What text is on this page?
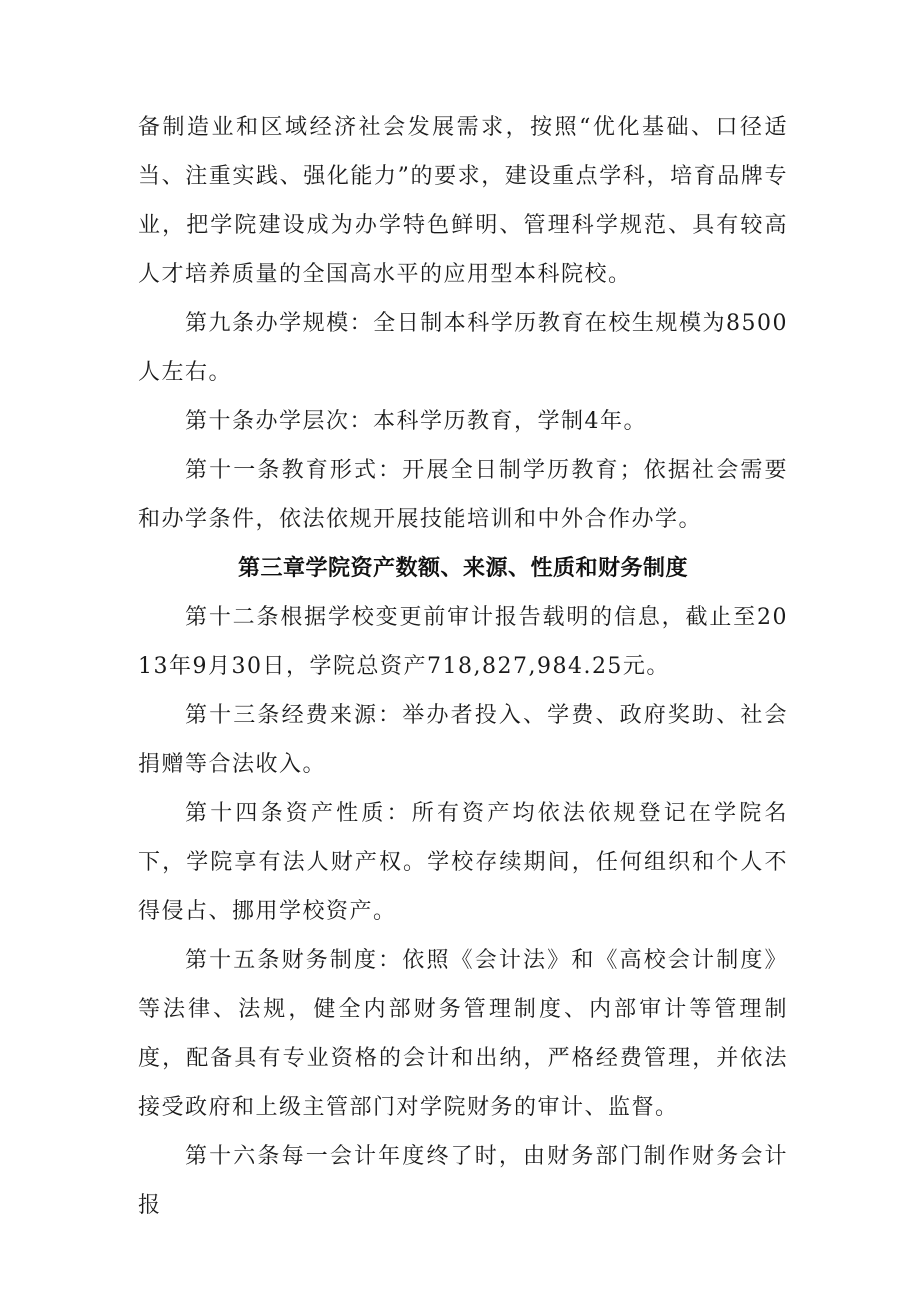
备制造业和区域经济社会发展需求，按照“优化基础、口径适当、注重实践、强化能力”的要求，建设重点学科，培育品牌专业，把学院建设成为办学特色鲜明、管理科学规范、具有较高人才培养质量的全国高水平的应用型本科院校。

第九条办学规模：全日制本科学历教育在校生规模为8500人左右。

第十条办学层次：本科学历教育，学制4年。

第十一条教育形式：开展全日制学历教育；依据社会需要和办学条件，依法依规开展技能培训和中外合作办学。

第三章学院资产数额、来源、性质和财务制度

第十二条根据学校变更前审计报告载明的信息，截止至2013年9月30日，学院总资产718,827,984.25元。

第十三条经费来源：举办者投入、学费、政府奖助、社会捐赠等合法收入。

第十四条资产性质：所有资产均依法依规登记在学院名下，学院享有法人财产权。学校存续期间，任何组织和个人不得侵占、挪用学校资产。

第十五条财务制度：依照《会计法》和《高校会计制度》等法律、法规，健全内部财务管理制度、内部审计等管理制度，配备具有专业资格的会计和出纳，严格经费管理，并依法接受政府和上级主管部门对学院财务的审计、监督。

第十六条每一会计年度终了时，由财务部门制作财务会计报
